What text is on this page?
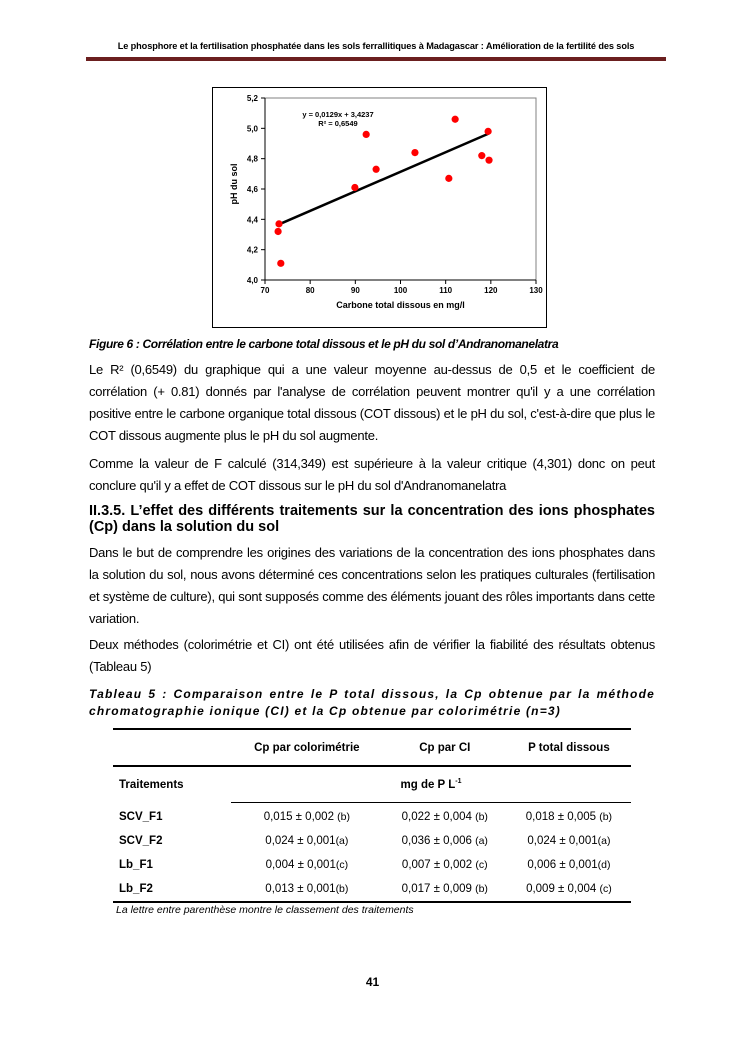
Le phosphore et la fertilisation phosphatée dans les sols ferrallitiques à Madagascar : Amélioration de la fertilité des sols
4,0
4,2
4,4
4,6
4,8
5,0
5,2
70	80	90	100	110	120	130
Carbone total dissous en mg/l
pH du sol
y = 0,0129x + 3,4237
R² = 0,6549
Figure 6 : Corrélation entre le carbone total dissous et le pH du sol d’Andranomanelatra
Le R² (0,6549) du graphique qui a une valeur moyenne au-dessus de 0,5 et le coefficient de corrélation (+ 0.81) donnés par l'analyse de corrélation peuvent montrer qu'il y a une corrélation positive entre le carbone organique total dissous (COT dissous) et le pH du sol, c'est-à-dire que plus le COT dissous augmente plus le pH du sol augmente.
Comme la valeur de F calculé (314,349) est supérieure à la valeur critique (4,301) donc on peut conclure qu'il y a effet de COT dissous sur le pH du sol d'Andranomanelatra
II.3.5. L’effet des différents traitements sur la concentration des ions phosphates (Cp) dans la solution du sol
Dans le but de comprendre les origines des variations de la concentration des ions phosphates dans la solution du sol, nous avons déterminé ces concentrations selon les pratiques culturales (fertilisation et système de culture), qui sont supposés comme des éléments jouant des rôles importants dans cette variation.
Deux méthodes (colorimétrie et CI) ont été utilisées afin de vérifier la fiabilité des résultats obtenus (Tableau 5)
Tableau 5 : Comparaison entre le P total dissous, la Cp obtenue par la méthode chromatographie ionique (CI) et la Cp obtenue par colorimétrie (n=3)
	Cp par colorimétrie	Cp par CI	P total dissous
Traitements	mg de P $L^{-1}$
SCV_F1	0,015 ± 0,002 (b)	0,022 ± 0,004 (b)	0,018 ± 0,005 (b)
SCV_F2	0,024 ± 0,001(a)	0,036 ± 0,006 (a)	0,024 ± 0,001(a)
Lb_F1	0,004 ± 0,001(c)	0,007 ± 0,002 (c)	0,006 ± 0,001(d)
Lb_F2	0,013 ± 0,001(b)	0,017 ± 0,009 (b)	0,009 ± 0,004 (c)
La lettre entre parenthèse montre le classement des traitements
41
